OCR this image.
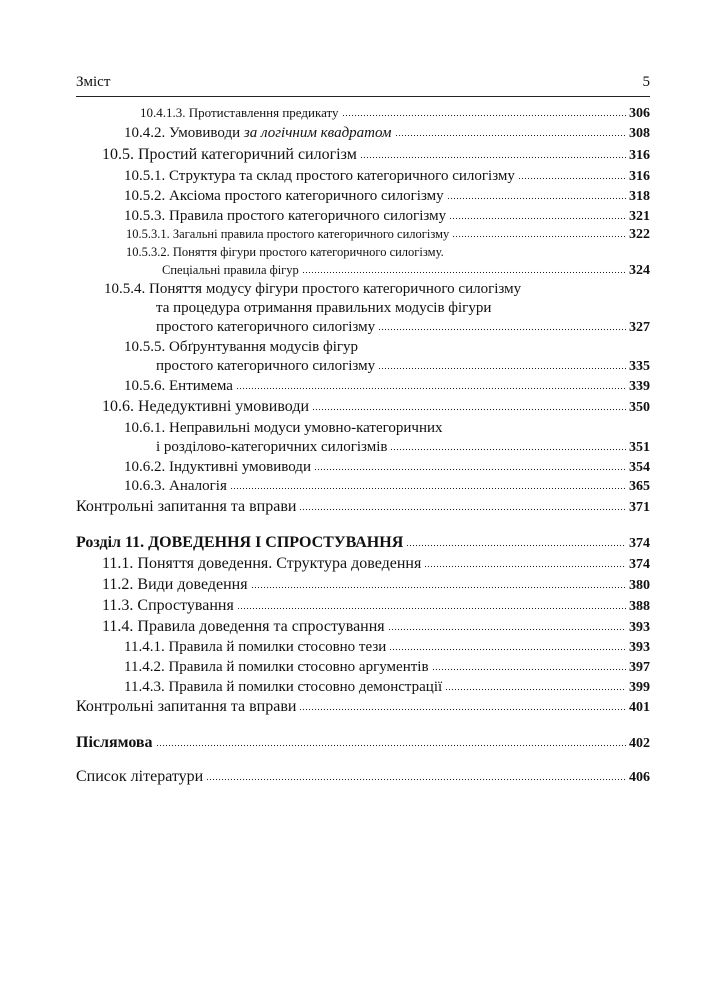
Зміст	5
10.4.1.3. Протиставлення предикату	306
10.4.2. Умовиводи за логічним квадратом	308
10.5. Простий категоричний силогізм	316
10.5.1. Структура та склад простого категоричного силогізму	316
10.5.2. Аксіома простого категоричного силогізму	318
10.5.3. Правила простого категоричного силогізму	321
10.5.3.1. Загальні правила простого категоричного силогізму	322
10.5.3.2. Поняття фігури простого категоричного силогізму.
Спеціальні правила фігур	324
10.5.4. Поняття модусу фігури простого категоричного силогізму
та процедура отримання правильних модусів фігури
простого категоричного силогізму	327
10.5.5. Обґрунтування модусів фігур
простого категоричного силогізму	335
10.5.6. Ентимема	339
10.6. Недедуктивні умовиводи	350
10.6.1. Неправильні модуси умовно-категоричних
і розділово-категоричних силогізмів	351
10.6.2. Індуктивні умовиводи	354
10.6.3. Аналогія	365
Контрольні запитання та вправи	371
Розділ 11. ДОВЕДЕННЯ І СПРОСТУВАННЯ	374
11.1. Поняття доведення. Структура доведення	374
11.2. Види доведення	380
11.3. Спростування	388
11.4. Правила доведення та спростування	393
11.4.1. Правила й помилки стосовно тези	393
11.4.2. Правила й помилки стосовно аргументів	397
11.4.3. Правила й помилки стосовно демонстрації	399
Контрольні запитання та вправи	401
Післямова	402
Список літератури	406
